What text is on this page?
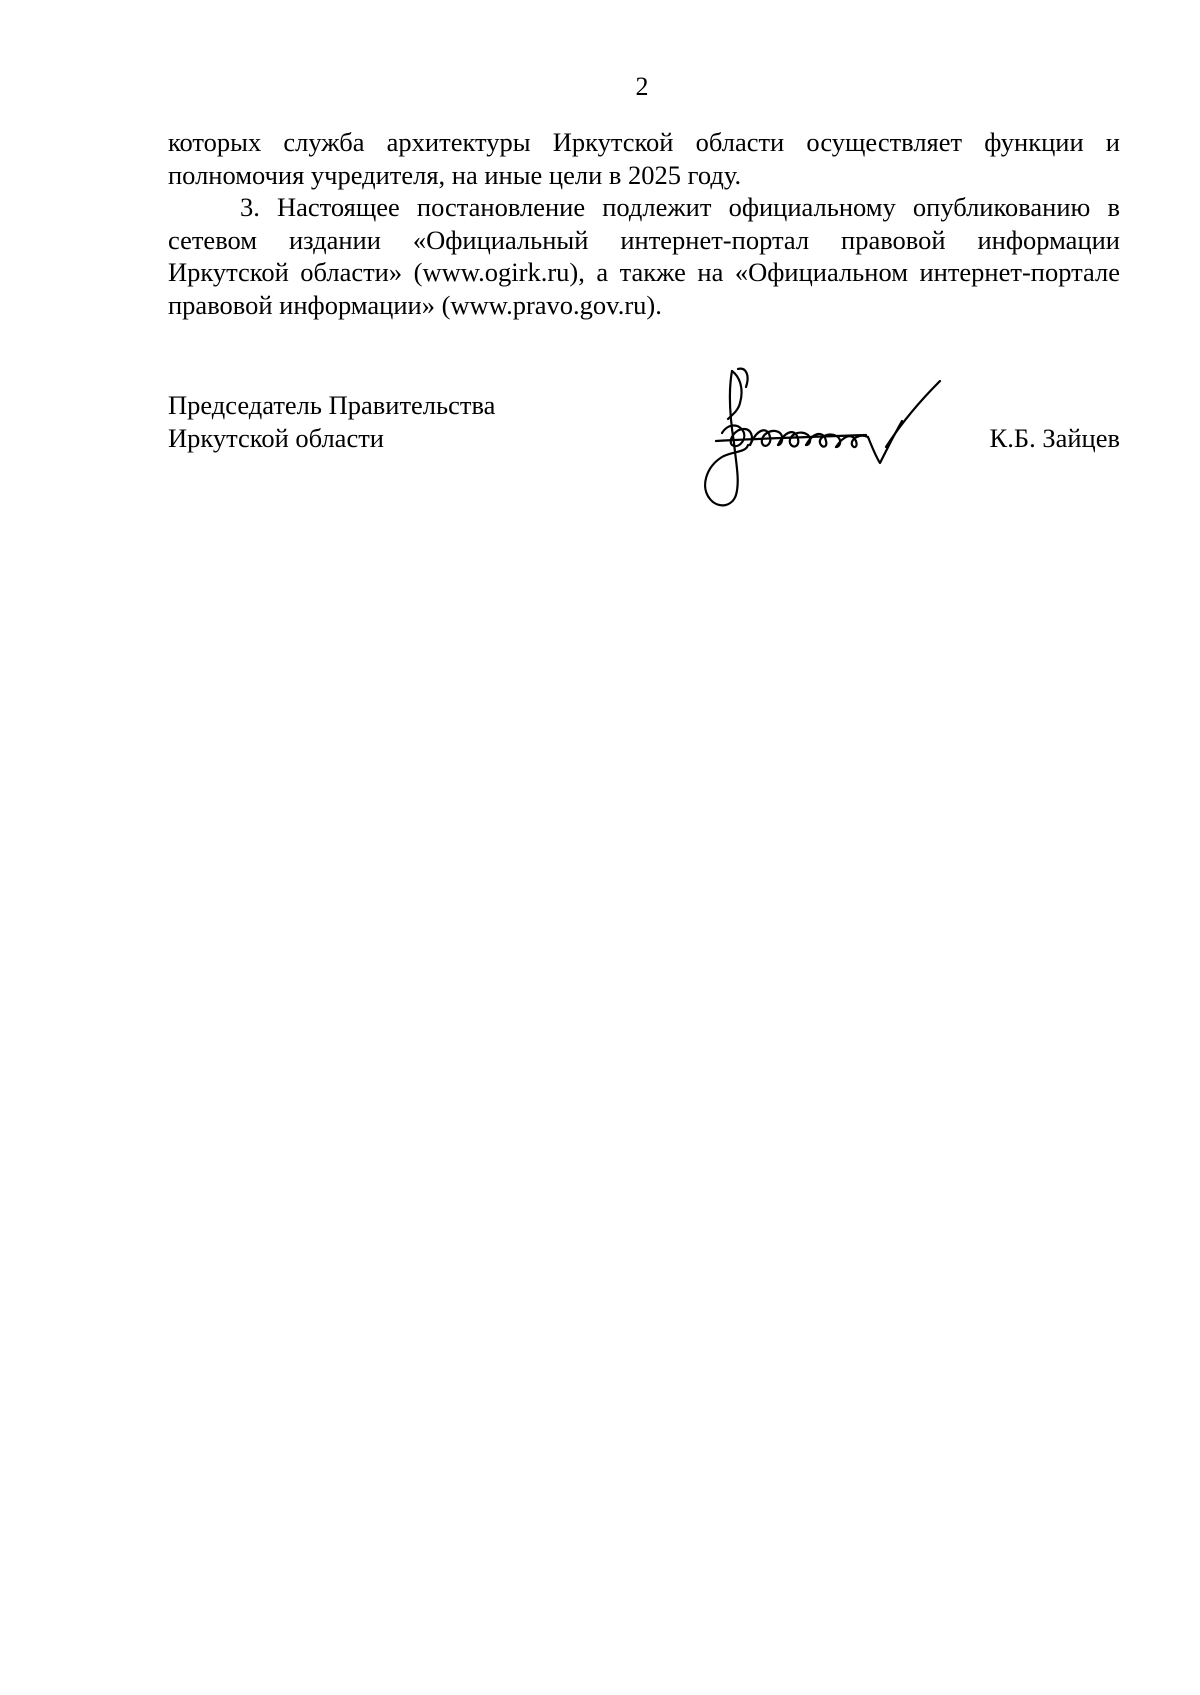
2

которых служба архитектуры Иркутской области осуществляет функции и полномочия учредителя, на иные цели в 2025 году.

3. Настоящее постановление подлежит официальному опубликованию в сетевом издании «Официальный интернет-портал правовой информации Иркутской области» (www.ogirk.ru), а также на «Официальном интернет-портале правовой информации» (www.pravo.gov.ru).

Председатель Правительства
Иркутской области	К.Б. Зайцев
